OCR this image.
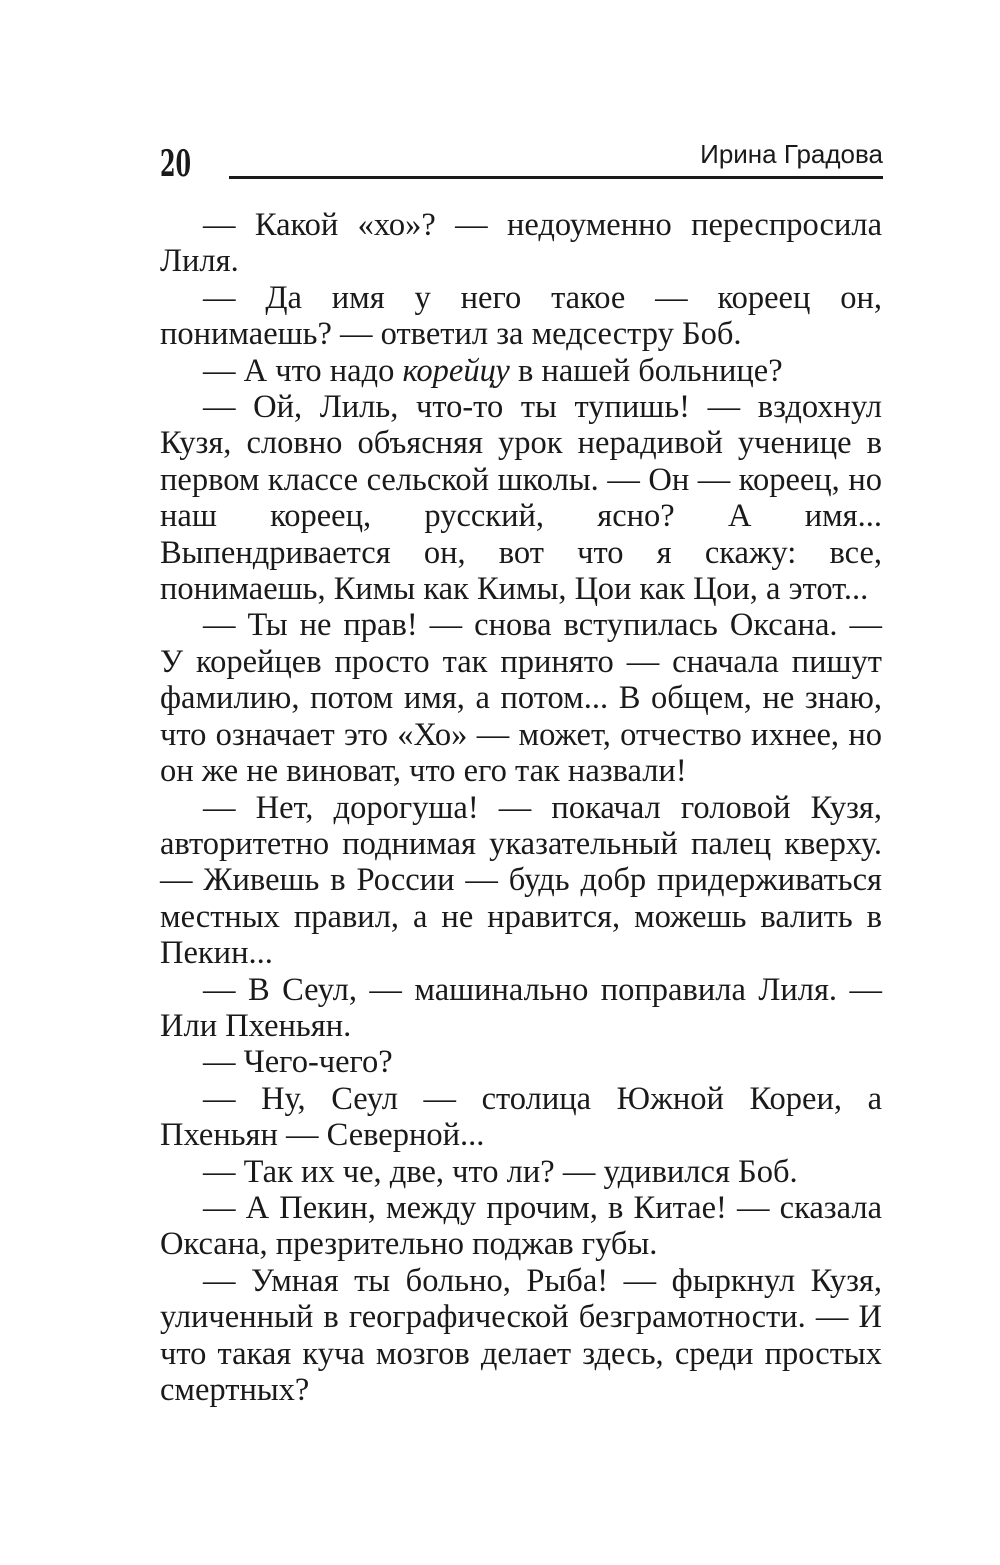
20	Ирина Градова

— Какой «хо»? — недоуменно переспросила Лиля.

— Да имя у него такое — кореец он, понимаешь? — ответил за медсестру Боб.

— А что надо корейцу в нашей больнице?

— Ой, Лиль, что-то ты тупишь! — вздохнул Кузя, словно объясняя урок нерадивой ученице в первом классе сельской школы. — Он — кореец, но наш кореец, русский, ясно? А имя... Выпендривается он, вот что я скажу: все, понимаешь, Кимы как Кимы, Цои как Цои, а этот...

— Ты не прав! — снова вступилась Оксана. — У корейцев просто так принято — сначала пишут фамилию, потом имя, а потом... В общем, не знаю, что означает это «Хо» — может, отчество ихнее, но он же не виноват, что его так назвали!

— Нет, дорогуша! — покачал головой Кузя, авторитетно поднимая указательный палец кверху. — Живешь в России — будь добр придерживаться местных правил, а не нравится, можешь валить в Пекин...

— В Сеул, — машинально поправила Лиля. — Или Пхеньян.

— Чего-чего?

— Ну, Сеул — столица Южной Кореи, а Пхеньян — Северной...

— Так их че, две, что ли? — удивился Боб.

— А Пекин, между прочим, в Китае! — сказала Оксана, презрительно поджав губы.

— Умная ты больно, Рыба! — фыркнул Кузя, уличенный в географической безграмотности. — И что такая куча мозгов делает здесь, среди простых смертных?
